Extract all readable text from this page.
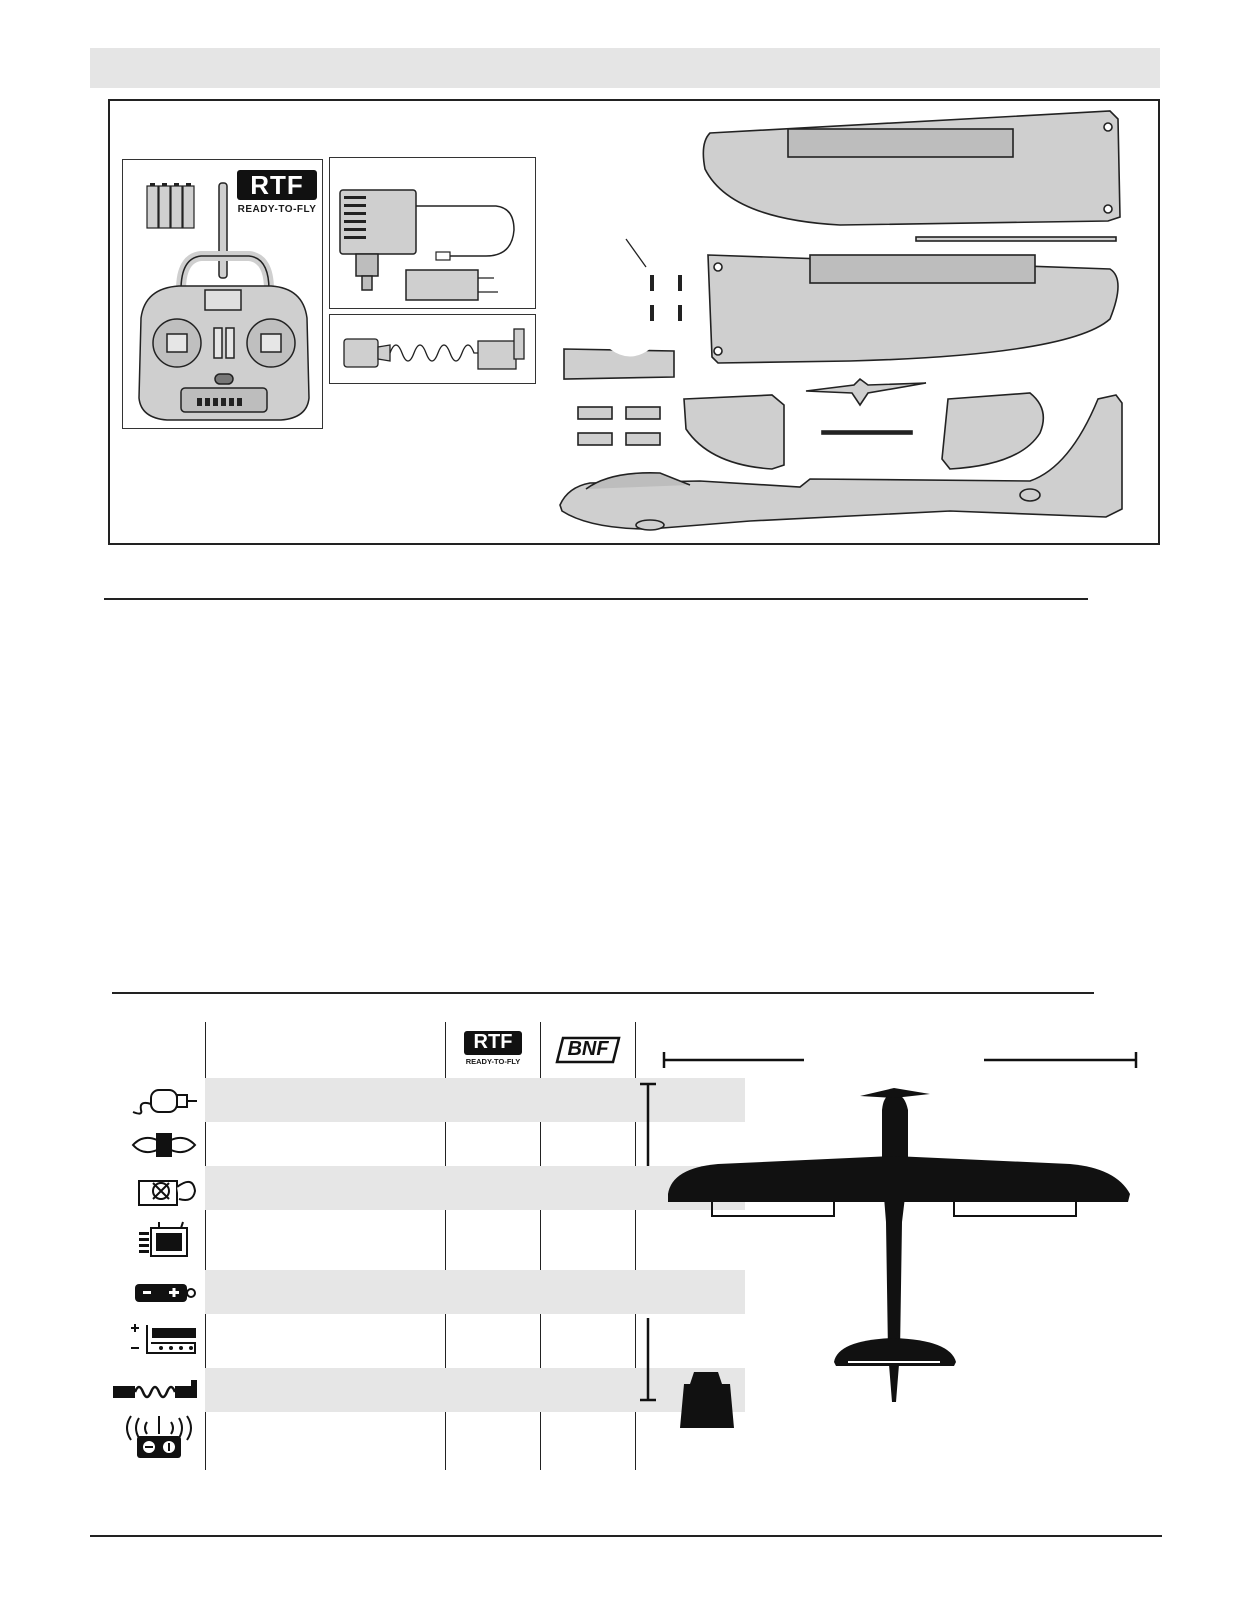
RTF
READY-TO-FLY
RTF
READY-TO-FLY
BNF
